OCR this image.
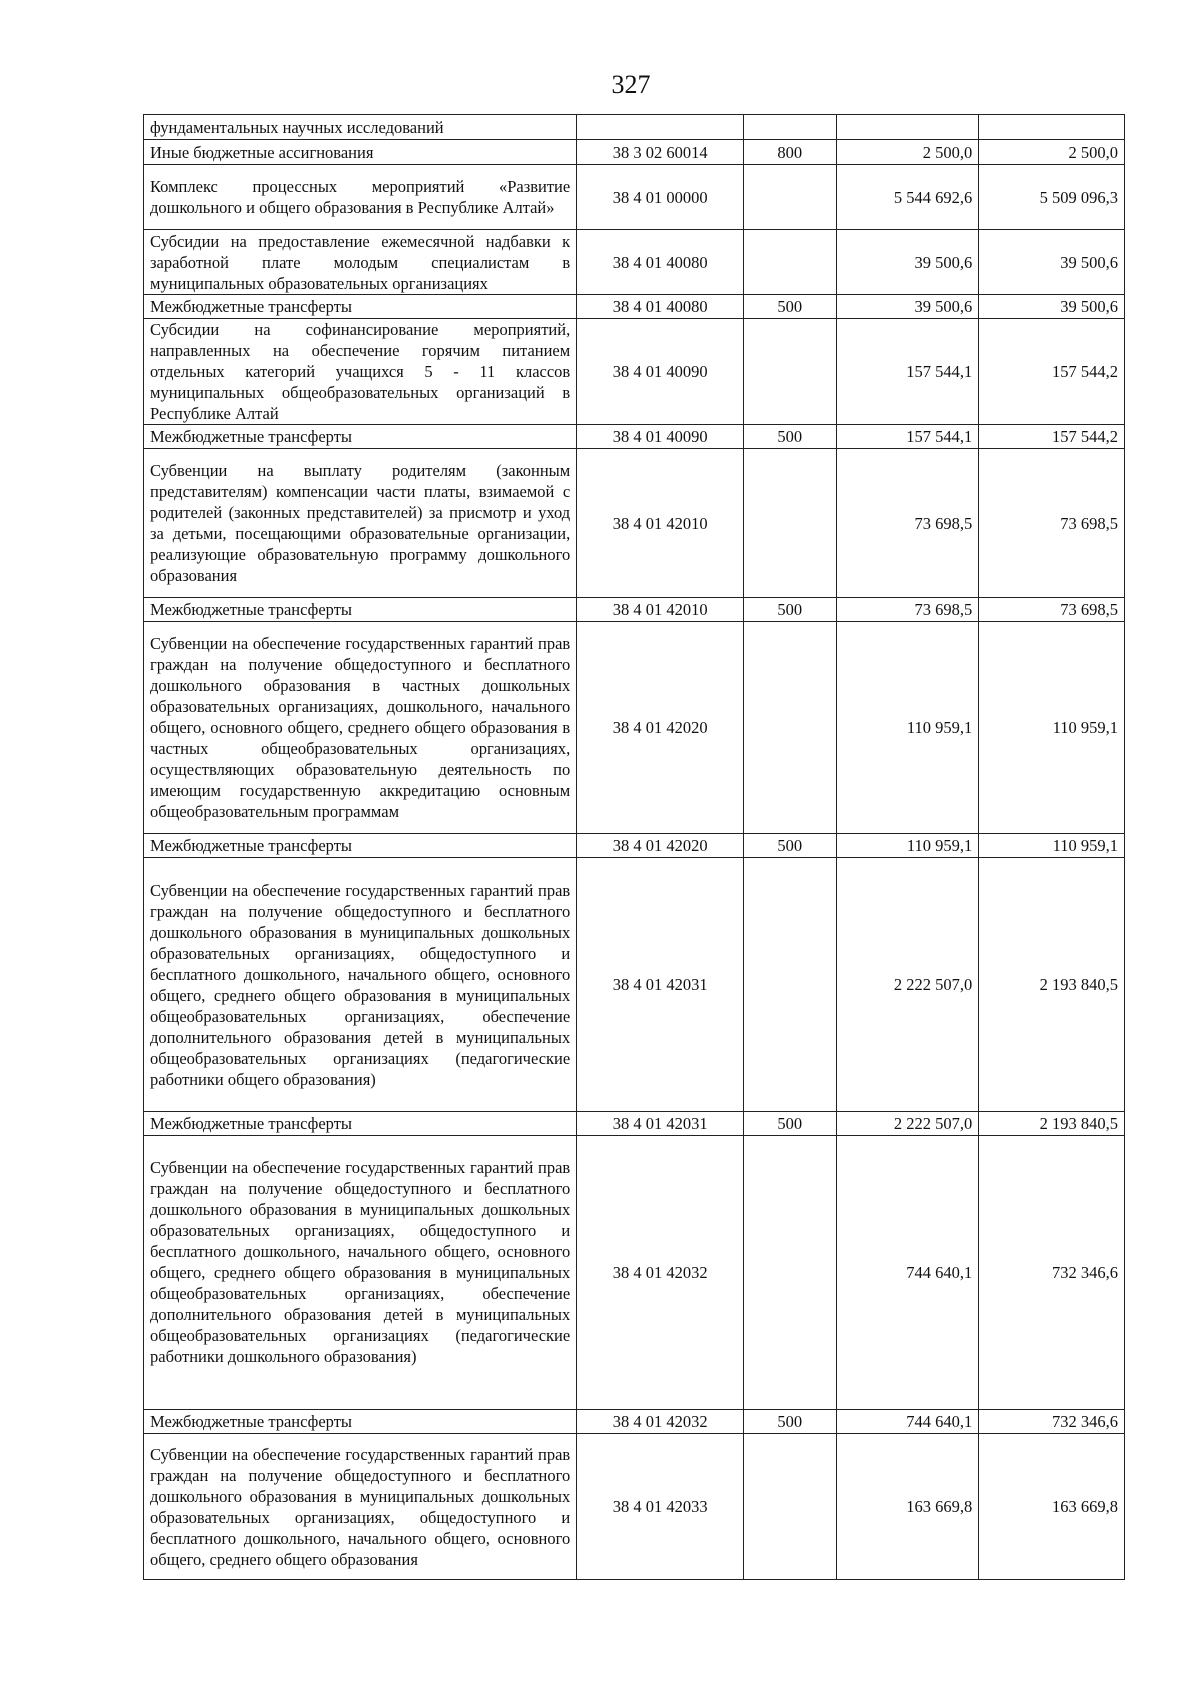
327
фундаментальных научных исследований				
Иные бюджетные ассигнования	38 3 02 60014	800	2 500,0	2 500,0
Комплекс процессных мероприятий «Развитие дошкольного и общего образования в Республике Алтай»	38 4 01 00000		5 544 692,6	5 509 096,3
Субсидии на предоставление ежемесячной надбавки к заработной плате молодым специалистам в муниципальных образовательных организациях	38 4 01 40080		39 500,6	39 500,6
Межбюджетные трансферты	38 4 01 40080	500	39 500,6	39 500,6
Субсидии на софинансирование мероприятий, направленных на обеспечение горячим питанием отдельных категорий учащихся 5 - 11 классов муниципальных общеобразовательных организаций в Республике Алтай	38 4 01 40090		157 544,1	157 544,2
Межбюджетные трансферты	38 4 01 40090	500	157 544,1	157 544,2
Субвенции на выплату родителям (законным представителям) компенсации части платы, взимаемой с родителей (законных представителей) за присмотр и уход за детьми, посещающими образовательные организации, реализующие образовательную программу дошкольного образования	38 4 01 42010		73 698,5	73 698,5
Межбюджетные трансферты	38 4 01 42010	500	73 698,5	73 698,5
Субвенции на обеспечение государственных гарантий прав граждан на получение общедоступного и бесплатного дошкольного образования в частных дошкольных образовательных организациях, дошкольного, начального общего, основного общего, среднего общего образования в частных общеобразовательных организациях, осуществляющих образовательную деятельность по имеющим государственную аккредитацию основным общеобразовательным программам	38 4 01 42020		110 959,1	110 959,1
Межбюджетные трансферты	38 4 01 42020	500	110 959,1	110 959,1
Субвенции на обеспечение государственных гарантий прав граждан на получение общедоступного и бесплатного дошкольного образования в муниципальных дошкольных образовательных организациях, общедоступного и бесплатного дошкольного, начального общего, основного общего, среднего общего образования в муниципальных общеобразовательных организациях, обеспечение дополнительного образования детей в муниципальных общеобразовательных организациях (педагогические работники общего образования)	38 4 01 42031		2 222 507,0	2 193 840,5
Межбюджетные трансферты	38 4 01 42031	500	2 222 507,0	2 193 840,5
Субвенции на обеспечение государственных гарантий прав граждан на получение общедоступного и бесплатного дошкольного образования в муниципальных дошкольных образовательных организациях, общедоступного и бесплатного дошкольного, начального общего, основного общего, среднего общего образования в муниципальных общеобразовательных организациях, обеспечение дополнительного образования детей в муниципальных общеобразовательных организациях (педагогические работники дошкольного образования)	38 4 01 42032		744 640,1	732 346,6
Межбюджетные трансферты	38 4 01 42032	500	744 640,1	732 346,6
Субвенции на обеспечение государственных гарантий прав граждан на получение общедоступного и бесплатного дошкольного образования в муниципальных дошкольных образовательных организациях, общедоступного и бесплатного дошкольного, начального общего, основного общего, среднего общего образования	38 4 01 42033		163 669,8	163 669,8
